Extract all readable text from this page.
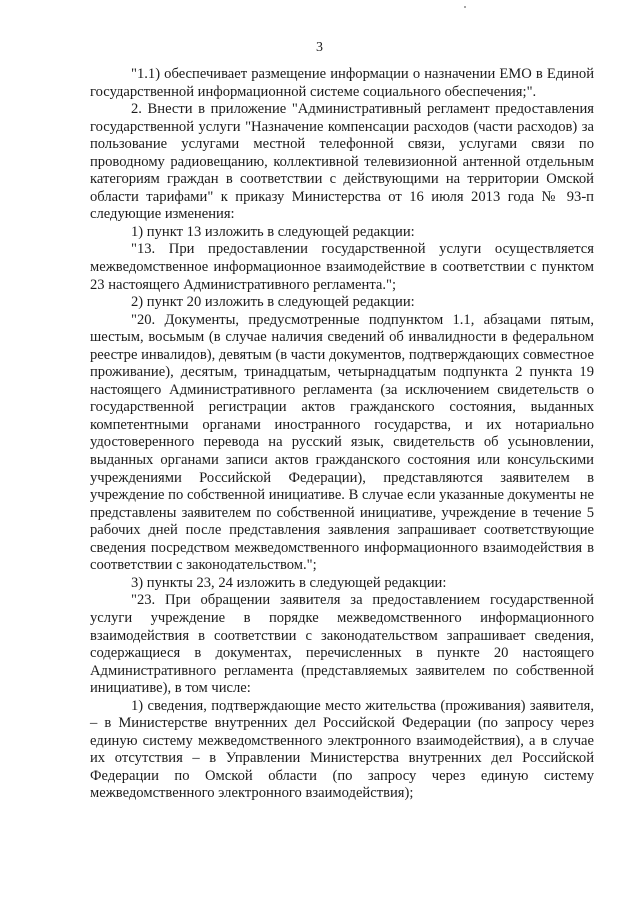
3

"1.1) обеспечивает размещение информации о назначении ЕМО в Единой государственной информационной системе социального обеспечения;".

2. Внести в приложение "Административный регламент предоставления государственной услуги "Назначение компенсации расходов (части расходов) за пользование услугами местной телефонной связи, услугами связи по проводному радиовещанию, коллективной телевизионной антенной отдельным категориям граждан в соответствии с действующими на территории Омской области тарифами" к приказу Министерства от 16 июля 2013 года № 93-п следующие изменения:

1) пункт 13 изложить в следующей редакции:

"13. При предоставлении государственной услуги осуществляется межведомственное информационное взаимодействие в соответствии с пунктом 23 настоящего Административного регламента.";

2) пункт 20 изложить в следующей редакции:

"20. Документы, предусмотренные подпунктом 1.1, абзацами пятым, шестым, восьмым (в случае наличия сведений об инвалидности в федеральном реестре инвалидов), девятым (в части документов, подтверждающих совместное проживание), десятым, тринадцатым, четырнадцатым подпункта 2 пункта 19 настоящего Административного регламента (за исключением свидетельств о государственной регистрации актов гражданского состояния, выданных компетентными органами иностранного государства, и их нотариально удостоверенного перевода на русский язык, свидетельств об усыновлении, выданных органами записи актов гражданского состояния или консульскими учреждениями Российской Федерации), представляются заявителем в учреждение по собственной инициативе. В случае если указанные документы не представлены заявителем по собственной инициативе, учреждение в течение 5 рабочих дней после представления заявления запрашивает соответствующие сведения посредством межведомственного информационного взаимодействия в соответствии с законодательством.";

3) пункты 23, 24 изложить в следующей редакции:

"23. При обращении заявителя за предоставлением государственной услуги учреждение в порядке межведомственного информационного взаимодействия в соответствии с законодательством запрашивает сведения, содержащиеся в документах, перечисленных в пункте 20 настоящего Административного регламента (представляемых заявителем по собственной инициативе), в том числе:

1) сведения, подтверждающие место жительства (проживания) заявителя, – в Министерстве внутренних дел Российской Федерации (по запросу через единую систему межведомственного электронного взаимодействия), а в случае их отсутствия – в Управлении Министерства внутренних дел Российской Федерации по Омской области (по запросу через единую систему межведомственного электронного взаимодействия);
